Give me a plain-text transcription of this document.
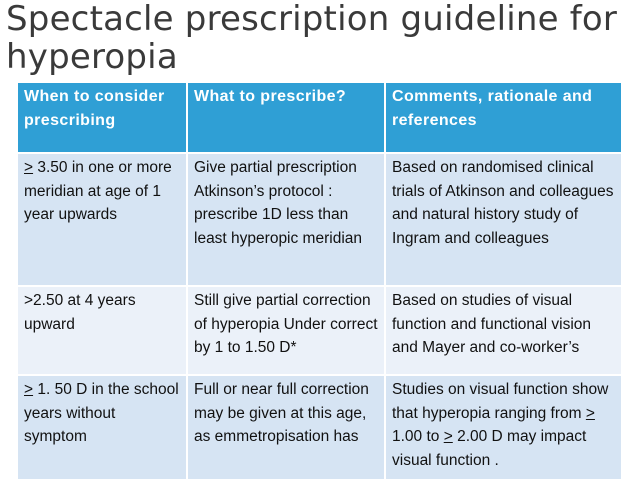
Spectacle prescription guideline for
hyperopia
When to consider prescribing
What to prescribe?	Comments, rationale and references
> 3.50 in one or more meridian at age of 1 year upwards
Give partial prescription Atkinson’s protocol : prescribe 1D less than least hyperopic meridian
Based on randomised clinical trials of Atkinson and colleagues and natural history study of Ingram and colleagues
>2.50 at 4 years upward
Still give partial correction of hyperopia Under correct by 1 to 1.50 D*
Based on studies of visual function and functional vision and Mayer and co-worker’s
> 1. 50 D in the school years without symptom
Full or near full correction may be given at this age, as emmetropisation has
Studies on visual function show that hyperopia ranging from > 1.00 to > 2.00 D may impact visual function .
